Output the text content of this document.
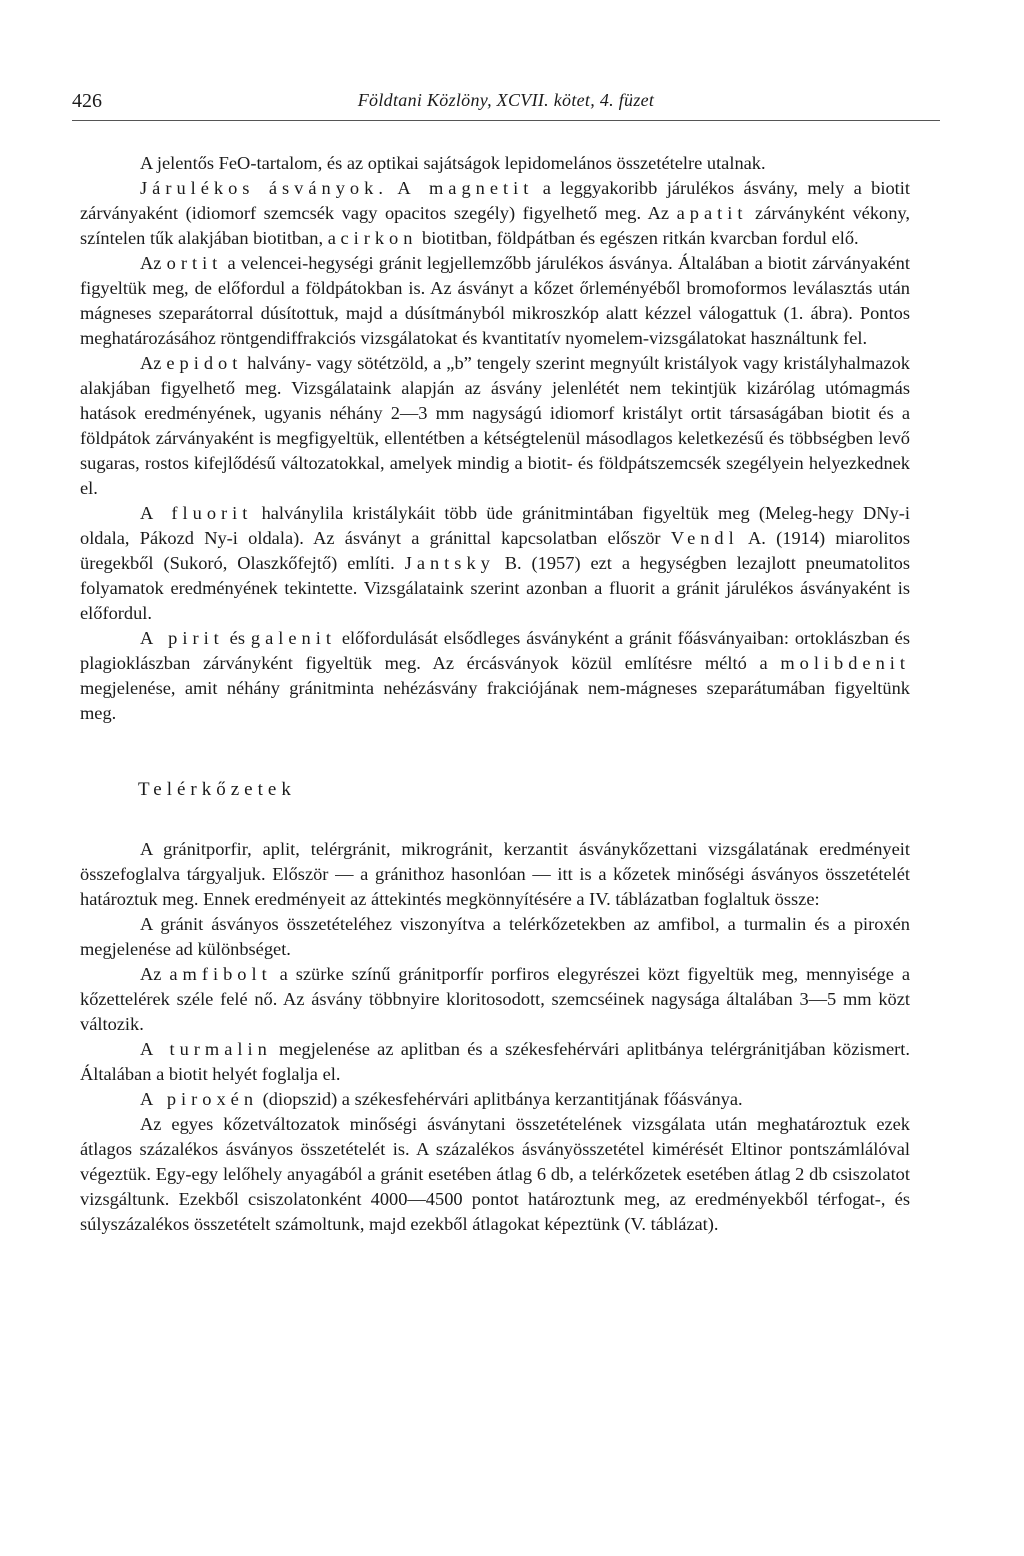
426	Földtani Közlöny, XCVII. kötet, 4. füzet

A jelentős FeO-tartalom, és az optikai sajátságok lepidomelános összetételre utalnak.

Járulékos ásványok. A magnetit a leggyakoribb járulékos ásvány, mely a biotit zárványaként (idiomorf szemcsék vagy opacitos szegély) figyelhető meg. Az apatit zárványként vékony, színtelen tűk alakjában biotitban, a cirkon biotitban, földpátban és egészen ritkán kvarcban fordul elő.

Az ortit a velencei-hegységi gránit legjellemzőbb járulékos ásványa. Általában a biotit zárványaként figyeltük meg, de előfordul a földpátokban is. Az ásványt a kőzet őrleményéből bromoformos leválasztás után mágneses szeparátorral dúsítottuk, majd a dúsítmányból mikroszkóp alatt kézzel válogattuk (1. ábra). Pontos meghatározásához röntgendiffrakciós vizsgálatokat és kvantitatív nyomelem-vizsgálatokat használtunk fel.

Az epidot halvány- vagy sötétzöld, a „b” tengely szerint megnyúlt kristályok vagy kristályhalmazok alakjában figyelhető meg. Vizsgálataink alapján az ásvány jelenlétét nem tekintjük kizárólag utómagmás hatások eredményének, ugyanis néhány 2—3 mm nagyságú idiomorf kristályt ortit társaságában biotit és a földpátok zárványaként is megfigyeltük, ellentétben a kétségtelenül másodlagos keletkezésű és többségben levő sugaras, rostos kifejlődésű változatokkal, amelyek mindig a biotit- és földpátszemcsék szegélyein helyezkednek el.

A fluorit halványlila kristálykáit több üde gránitmintában figyeltük meg (Meleg-hegy DNy-i oldala, Pákozd Ny-i oldala). Az ásványt a gránittal kapcsolatban először Vendl A. (1914) miarolitos üregekből (Sukoró, Olaszkőfejtő) említi. Jantsky B. (1957) ezt a hegységben lezajlott pneumatolitos folyamatok eredményének tekintette. Vizsgálataink szerint azonban a fluorit a gránit járulékos ásványaként is előfordul.

A pirit és galenit előfordulását elsődleges ásványként a gránit főásványaiban: ortoklászban és plagioklászban zárványként figyeltük meg. Az ércásványok közül említésre méltó a molibdenit megjelenése, amit néhány gránitminta nehézásvány frakciójának nem-mágneses szeparátumában figyeltünk meg.

Telérkőzetek

A gránitporfir, aplit, telérgránit, mikrogránit, kerzantit ásványkőzettani vizsgálatának eredményeit összefoglalva tárgyaljuk. Először — a gránithoz hasonlóan — itt is a kőzetek minőségi ásványos összetételét határoztuk meg. Ennek eredményeit az áttekintés megkönnyítésére a IV. táblázatban foglaltuk össze:

A gránit ásványos összetételéhez viszonyítva a telérkőzetekben az amfibol, a turmalin és a piroxén megjelenése ad különbséget.

Az amfibolt a szürke színű gránitporfír porfiros elegyrészei közt figyeltük meg, mennyisége a kőzettelérek széle felé nő. Az ásvány többnyire kloritosodott, szemcséinek nagysága általában 3—5 mm közt változik.

A turmalin megjelenése az aplitban és a székesfehérvári aplitbánya telérgránitjában közismert. Általában a biotit helyét foglalja el.

A piroxén (diopszid) a székesfehérvári aplitbánya kerzantitjának főásványa.

Az egyes kőzetváltozatok minőségi ásványtani összetételének vizsgálata után meghatároztuk ezek átlagos százalékos ásványos összetételét is. A százalékos ásványösszetétel kimérését Eltinor pontszámlálóval végeztük. Egy-egy lelőhely anyagából a gránit esetében átlag 6 db, a telérkőzetek esetében átlag 2 db csiszolatot vizsgáltunk. Ezekből csiszolatonként 4000—4500 pontot határoztunk meg, az eredményekből térfogat-, és súlyszázalékos összetételt számoltunk, majd ezekből átlagokat képeztünk (V. táblázat).
